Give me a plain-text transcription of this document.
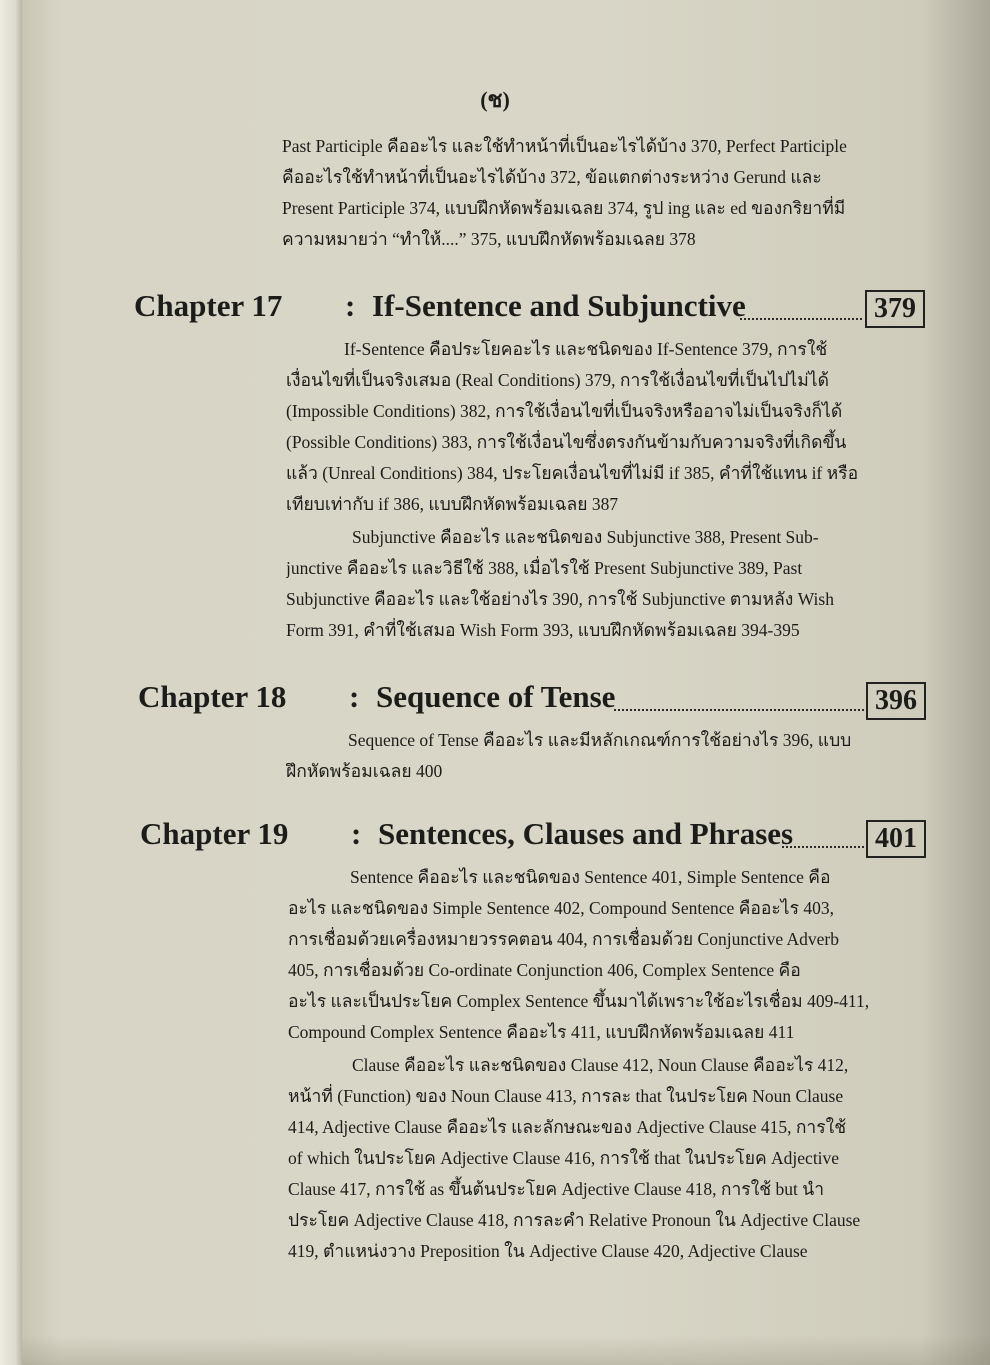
(ช)
Past Participle คืออะไร และใช้ทำหน้าที่เป็นอะไรได้บ้าง 370, Perfect Participle
คืออะไรใช้ทำหน้าที่เป็นอะไรได้บ้าง 372, ข้อแตกต่างระหว่าง Gerund และ
Present Participle 374, แบบฝึกหัดพร้อมเฉลย 374, รูป ing และ ed ของกริยาที่มี
ความหมายว่า “ทำให้....” 375, แบบฝึกหัดพร้อมเฉลย 378
Chapter 17 : If-Sentence and Subjunctive	379
If-Sentence คือประโยคอะไร และชนิดของ If-Sentence 379, การใช้
เงื่อนไขที่เป็นจริงเสมอ (Real Conditions) 379, การใช้เงื่อนไขที่เป็นไปไม่ได้
(Impossible Conditions) 382, การใช้เงื่อนไขที่เป็นจริงหรืออาจไม่เป็นจริงก็ได้
(Possible Conditions) 383, การใช้เงื่อนไขซึ่งตรงกันข้ามกับความจริงที่เกิดขึ้น
แล้ว (Unreal Conditions) 384, ประโยคเงื่อนไขที่ไม่มี if 385, คำที่ใช้แทน if หรือ
เทียบเท่ากับ if 386, แบบฝึกหัดพร้อมเฉลย 387
Subjunctive คืออะไร และชนิดของ Subjunctive 388, Present Sub-
junctive คืออะไร และวิธีใช้ 388, เมื่อไรใช้ Present Subjunctive 389, Past
Subjunctive คืออะไร และใช้อย่างไร 390, การใช้ Subjunctive ตามหลัง Wish
Form 391, คำที่ใช้เสมอ Wish Form 393, แบบฝึกหัดพร้อมเฉลย 394-395
Chapter 18 : Sequence of Tense	396
Sequence of Tense คืออะไร และมีหลักเกณฑ์การใช้อย่างไร 396, แบบ
ฝึกหัดพร้อมเฉลย 400
Chapter 19 : Sentences, Clauses and Phrases	401
Sentence คืออะไร และชนิดของ Sentence 401, Simple Sentence คือ
อะไร และชนิดของ Simple Sentence 402, Compound Sentence คืออะไร 403,
การเชื่อมด้วยเครื่องหมายวรรคตอน 404, การเชื่อมด้วย Conjunctive Adverb
405, การเชื่อมด้วย Co-ordinate Conjunction 406, Complex Sentence คือ
อะไร และเป็นประโยค Complex Sentence ขึ้นมาได้เพราะใช้อะไรเชื่อม 409-411,
Compound Complex Sentence คืออะไร 411, แบบฝึกหัดพร้อมเฉลย 411
Clause คืออะไร และชนิดของ Clause 412, Noun Clause คืออะไร 412,
หน้าที่ (Function) ของ Noun Clause 413, การละ that ในประโยค Noun Clause
414, Adjective Clause คืออะไร และลักษณะของ Adjective Clause 415, การใช้
of which ในประโยค Adjective Clause 416, การใช้ that ในประโยค Adjective
Clause 417, การใช้ as ขึ้นต้นประโยค Adjective Clause 418, การใช้ but นำ
ประโยค Adjective Clause 418, การละคำ Relative Pronoun ใน Adjective Clause
419, ตำแหน่งวาง Preposition ใน Adjective Clause 420, Adjective Clause
